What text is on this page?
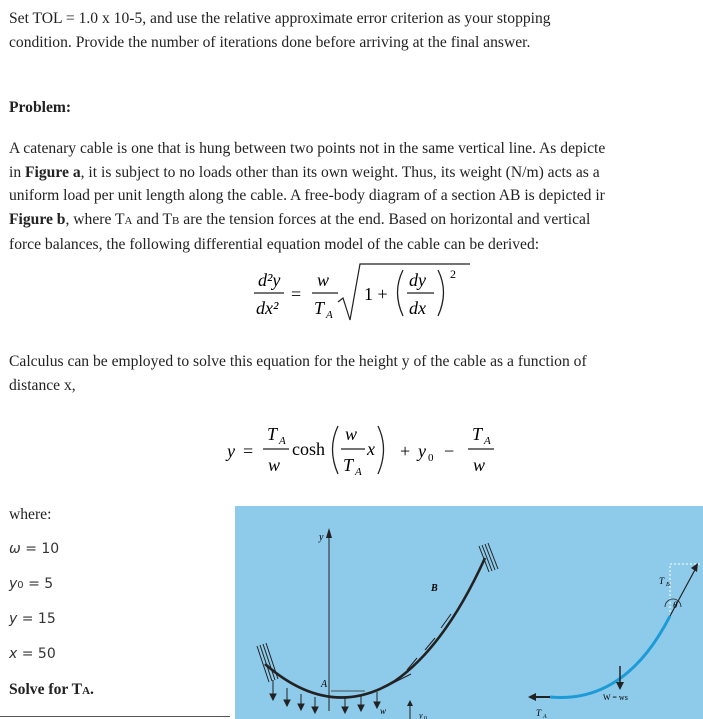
Set TOL = 1.0 x 10-5, and use the relative approximate error criterion as your stopping
condition. Provide the number of iterations done before arriving at the final answer.
Problem:
A catenary cable is one that is hung between two points not in the same vertical line. As depicte
in Figure a, it is subject to no loads other than its own weight. Thus, its weight (N/m) acts as a
uniform load per unit length along the cable. A free-body diagram of a section AB is depicted ir
Figure b, where TA and TB are the tension forces at the end. Based on horizontal and vertical
force balances, the following differential equation model of the cable can be derived:
d²y
dx²
=
w
T A
1 +
dy
dx
2
Calculus can be employed to solve this equation for the height y of the cable as a function of
distance x,
y =
T A
w
cosh
w
T A
x + y 0 −
T A
w
where:
ω = 10
y0 = 5
y = 15
x = 50
Solve for TA.
y
B
A
w	y 0
T B
θ
W = ws
T A
